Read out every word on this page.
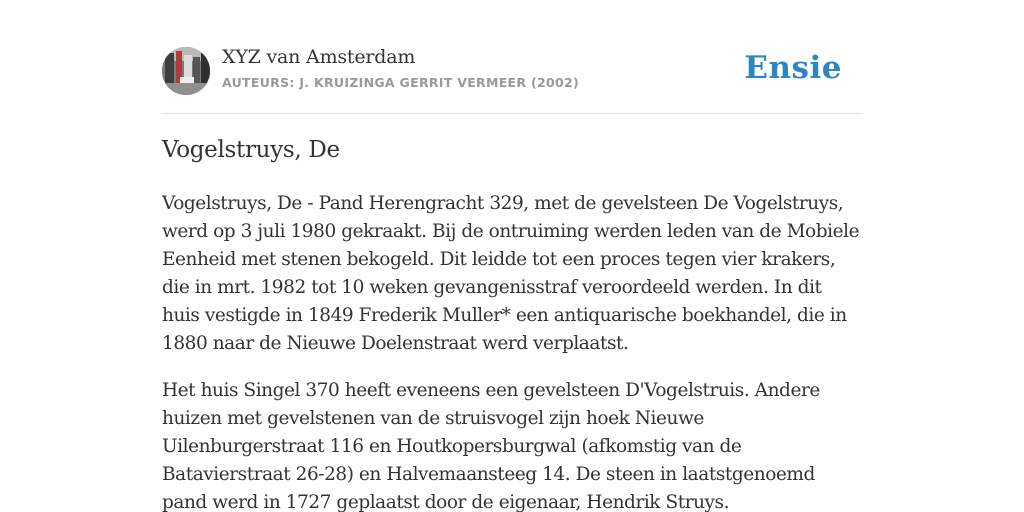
XYZ van Amsterdam
AUTEURS: J. KRUIZINGA GERRIT VERMEER (2002)	Ensie
Vogelstruys, De

Vogelstruys, De - Pand Herengracht 329, met de gevelsteen De Vogelstruys, werd op 3 juli 1980 gekraakt. Bij de ontruiming werden leden van de Mobiele Eenheid met stenen bekogeld. Dit leidde tot een proces tegen vier krakers, die in mrt. 1982 tot 10 weken gevangenisstraf veroordeeld werden. In dit huis vestigde in 1849 Frederik Muller* een antiquarische boekhandel, die in 1880 naar de Nieuwe Doelenstraat werd verplaatst.

Het huis Singel 370 heeft eveneens een gevelsteen D'Vogelstruis. Andere huizen met gevelstenen van de struisvogel zijn hoek Nieuwe Uilenburgerstraat 116 en Houtkopersburgwal (afkomstig van de Batavierstraat 26-28) en Halvemaansteeg 14. De steen in laatstgenoemd pand werd in 1727 geplaatst door de eigenaar, Hendrik Struys.
